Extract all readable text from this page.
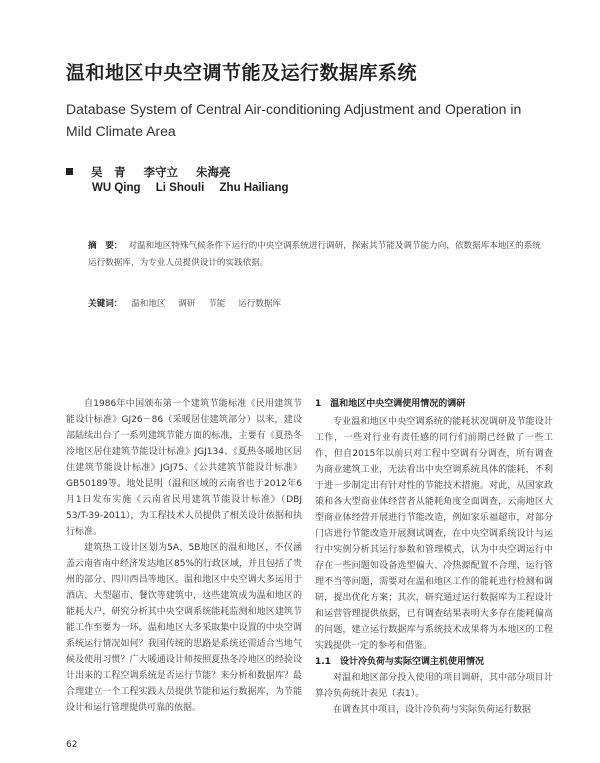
温和地区中央空调节能及运行数据库系统
Database System of Central Air-conditioning Adjustment and Operation in Mild Climate Area
吴　青 李守立 朱海亮
WU Qing Li Shouli Zhu Hailiang
摘　要： 对温和地区特殊气候条件下运行的中央空调系统进行调研，探索其节能及调节能力向，依数据库本地区的系统运行数据库，为专业人员提供设计的实践依据。
关键词： 温和地区 调研 节能 运行数据库

自1986年中国颁布第一个建筑节能标准《民用建筑节能设计标准》GJ26－86（采暖居住建筑部分）以来，建设部陆续出台了一系列建筑节能方面的标准，主要有《夏热冬冷地区居住建筑节能设计标准》JGJ134、《夏热冬暖地区居住建筑节能设计标准》JGJ75、《公共建筑节能设计标准》GB50189等。地处昆明（温和区域的云南省也于2012年6月1日发布实施《云南省民用建筑节能设计标准》（DBJ 53/T-39-2011），为工程技术人员提供了相关设计依据和执行标准。

建筑热工设计区划为5A、5B地区的温和地区，不仅涵盖云南省南中经济发达地区85%的行政区域，并且包括了贵州的部分、四川西昌等地区。温和地区中央空调大多运用于酒店、大型超市、餐饮等建筑中，这些建筑成为温和地区的能耗大户，研究分析其中央空调系统能耗监测和地区建筑节能工作至要为一环。温和地区大多采取集中设置的中央空调系统运行情况如何？我国传统的思路是系统还需适合当地气候及使用习惯？广大暖通设计师按照夏热冬冷地区的经验设计出来的工程空调系统是否运行节能？来分析和数据库？最合理建立一个工程实践人员提供节能和运行数据库，为节能设计和运行管理提供可靠的依据。

1　温和地区中央空调使用情况的调研

专业温和地区中央空调系统的能耗状况调研及节能设计工作，一些对行业有责任感的同行们前期已经做了一些工作，但自2015年以前只对工程中空调有分调查，所有调查为商业建筑工业，无法看出中央空调系统具体的能耗，不利于进一步制定出有针对性的节能技术措施。对此，从国家政策和各大型商业体经营者从能耗角度全面调查，云南地区大型商业体经营开展进行节能改造，例如家乐福超市，对部分门店进行节能改造开展测试调查，在中央空调系统设计与运行中实例分析其运行参数和管理模式，认为中央空调运行中存在一些问题如设备选型偏大、冷热源配置不合理、运行管理不当等问题，需要对在温和地区工作的能耗进行检测和调研，提出优化方案；其次，研究通过运行数据库为工程设计和运营管理提供依据，已有调查结果表明大多存在能耗偏高的问题，建立运行数据库与系统技术成果将为本地区的工程实践提供一定的参考和借鉴。

1.1　设计冷负荷与实际空调主机使用情况

对温和地区部分投入使用的项目调研，其中部分项目计算冷负荷统计表见（表1）。

在调查其中项目，设计冷负荷与实际负荷运行数据

62
